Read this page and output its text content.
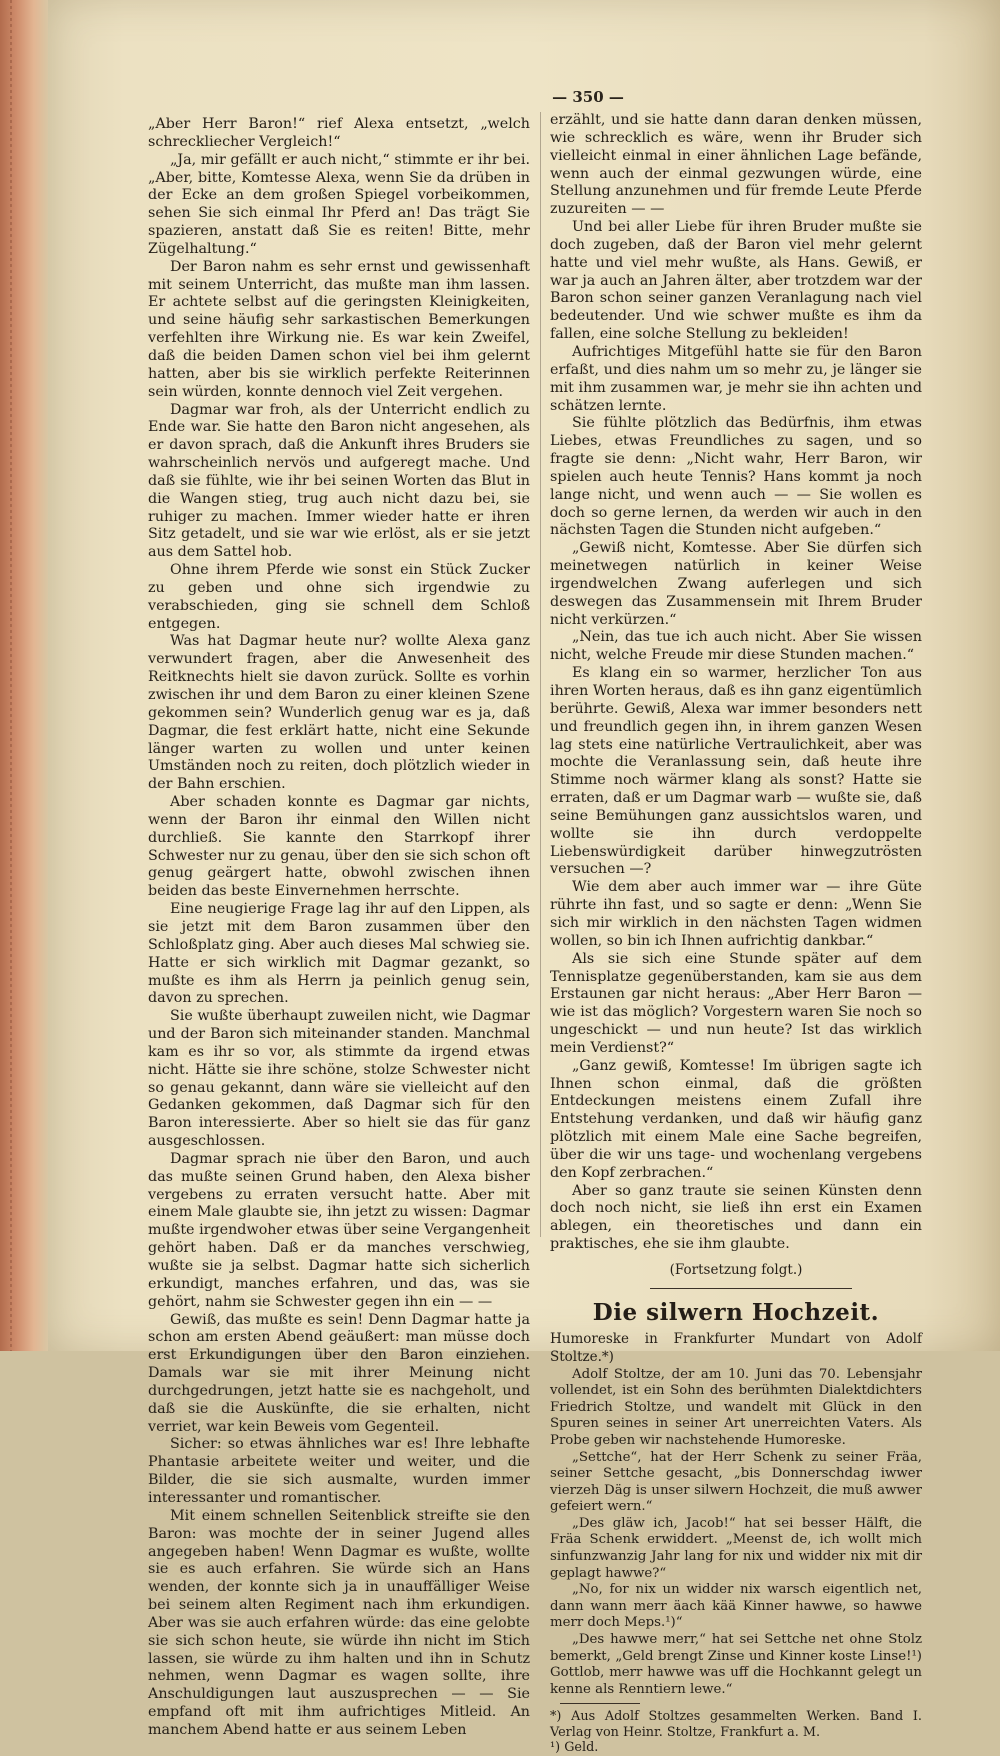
— 350 —

„Aber Herr Baron!“ rief Alexa entsetzt, „welch schreckliecher Vergleich!“

„Ja, mir gefällt er auch nicht,“ stimmte er ihr bei. „Aber, bitte, Komtesse Alexa, wenn Sie da drüben in der Ecke an dem großen Spiegel vorbeikommen, sehen Sie sich einmal Ihr Pferd an! Das trägt Sie spazieren, anstatt daß Sie es reiten! Bitte, mehr Zügelhaltung.“

Der Baron nahm es sehr ernst und gewissenhaft mit seinem Unterricht, das mußte man ihm lassen. Er achtete selbst auf die geringsten Kleinigkeiten, und seine häufig sehr sarkastischen Bemerkungen verfehlten ihre Wirkung nie. Es war kein Zweifel, daß die beiden Damen schon viel bei ihm gelernt hatten, aber bis sie wirklich perfekte Reiterinnen sein würden, konnte dennoch viel Zeit vergehen.

Dagmar war froh, als der Unterricht endlich zu Ende war. Sie hatte den Baron nicht angesehen, als er davon sprach, daß die Ankunft ihres Bruders sie wahrscheinlich nervös und aufgeregt mache. Und daß sie fühlte, wie ihr bei seinen Worten das Blut in die Wangen stieg, trug auch nicht dazu bei, sie ruhiger zu machen. Immer wieder hatte er ihren Sitz getadelt, und sie war wie erlöst, als er sie jetzt aus dem Sattel hob.

Ohne ihrem Pferde wie sonst ein Stück Zucker zu geben und ohne sich irgendwie zu verabschieden, ging sie schnell dem Schloß entgegen.

Was hat Dagmar heute nur? wollte Alexa ganz verwundert fragen, aber die Anwesenheit des Reitknechts hielt sie davon zurück. Sollte es vorhin zwischen ihr und dem Baron zu einer kleinen Szene gekommen sein? Wunderlich genug war es ja, daß Dagmar, die fest erklärt hatte, nicht eine Sekunde länger warten zu wollen und unter keinen Umständen noch zu reiten, doch plötzlich wieder in der Bahn erschien.

Aber schaden konnte es Dagmar gar nichts, wenn der Baron ihr einmal den Willen nicht durchließ. Sie kannte den Starrkopf ihrer Schwester nur zu genau, über den sie sich schon oft genug geärgert hatte, obwohl zwischen ihnen beiden das beste Einvernehmen herrschte.

Eine neugierige Frage lag ihr auf den Lippen, als sie jetzt mit dem Baron zusammen über den Schloßplatz ging. Aber auch dieses Mal schwieg sie. Hatte er sich wirklich mit Dagmar gezankt, so mußte es ihm als Herrn ja peinlich genug sein, davon zu sprechen.

Sie wußte überhaupt zuweilen nicht, wie Dagmar und der Baron sich miteinander standen. Manchmal kam es ihr so vor, als stimmte da irgend etwas nicht. Hätte sie ihre schöne, stolze Schwester nicht so genau gekannt, dann wäre sie vielleicht auf den Gedanken gekommen, daß Dagmar sich für den Baron interessierte. Aber so hielt sie das für ganz ausgeschlossen.

Dagmar sprach nie über den Baron, und auch das mußte seinen Grund haben, den Alexa bisher vergebens zu erraten versucht hatte. Aber mit einem Male glaubte sie, ihn jetzt zu wissen: Dagmar mußte irgendwoher etwas über seine Vergangenheit gehört haben. Daß er da manches verschwieg, wußte sie ja selbst. Dagmar hatte sich sicherlich erkundigt, manches erfahren, und das, was sie gehört, nahm sie Schwester gegen ihn ein — —

Gewiß, das mußte es sein! Denn Dagmar hatte ja schon am ersten Abend geäußert: man müsse doch erst Erkundigungen über den Baron einziehen. Damals war sie mit ihrer Meinung nicht durchgedrungen, jetzt hatte sie es nachgeholt, und daß sie die Auskünfte, die sie erhalten, nicht verriet, war kein Beweis vom Gegenteil.

Sicher: so etwas ähnliches war es! Ihre lebhafte Phantasie arbeitete weiter und weiter, und die Bilder, die sie sich ausmalte, wurden immer interessanter und romantischer.

Mit einem schnellen Seitenblick streifte sie den Baron: was mochte der in seiner Jugend alles angegeben haben! Wenn Dagmar es wußte, wollte sie es auch erfahren. Sie würde sich an Hans wenden, der konnte sich ja in unauffälliger Weise bei seinem alten Regiment nach ihm erkundigen. Aber was sie auch erfahren würde: das eine gelobte sie sich schon heute, sie würde ihn nicht im Stich lassen, sie würde zu ihm halten und ihn in Schutz nehmen, wenn Dagmar es wagen sollte, ihre Anschuldigungen laut auszusprechen — — Sie empfand oft mit ihm aufrichtiges Mitleid. An manchem Abend hatte er aus seinem Leben

erzählt, und sie hatte dann daran denken müssen, wie schrecklich es wäre, wenn ihr Bruder sich vielleicht einmal in einer ähnlichen Lage befände, wenn auch der einmal gezwungen würde, eine Stellung anzunehmen und für fremde Leute Pferde zuzureiten — —

Und bei aller Liebe für ihren Bruder mußte sie doch zugeben, daß der Baron viel mehr gelernt hatte und viel mehr wußte, als Hans. Gewiß, er war ja auch an Jahren älter, aber trotzdem war der Baron schon seiner ganzen Veranlagung nach viel bedeutender. Und wie schwer mußte es ihm da fallen, eine solche Stellung zu bekleiden!

Aufrichtiges Mitgefühl hatte sie für den Baron erfaßt, und dies nahm um so mehr zu, je länger sie mit ihm zusammen war, je mehr sie ihn achten und schätzen lernte.

Sie fühlte plötzlich das Bedürfnis, ihm etwas Liebes, etwas Freundliches zu sagen, und so fragte sie denn: „Nicht wahr, Herr Baron, wir spielen auch heute Tennis? Hans kommt ja noch lange nicht, und wenn auch — — Sie wollen es doch so gerne lernen, da werden wir auch in den nächsten Tagen die Stunden nicht aufgeben.“

„Gewiß nicht, Komtesse. Aber Sie dürfen sich meinetwegen natürlich in keiner Weise irgendwelchen Zwang auferlegen und sich deswegen das Zusammensein mit Ihrem Bruder nicht verkürzen.“

„Nein, das tue ich auch nicht. Aber Sie wissen nicht, welche Freude mir diese Stunden machen.“

Es klang ein so warmer, herzlicher Ton aus ihren Worten heraus, daß es ihn ganz eigentümlich berührte. Gewiß, Alexa war immer besonders nett und freundlich gegen ihn, in ihrem ganzen Wesen lag stets eine natürliche Vertraulichkeit, aber was mochte die Veranlassung sein, daß heute ihre Stimme noch wärmer klang als sonst? Hatte sie erraten, daß er um Dagmar warb — wußte sie, daß seine Bemühungen ganz aussichtslos waren, und wollte sie ihn durch verdoppelte Liebenswürdigkeit darüber hinwegzutrösten versuchen —?

Wie dem aber auch immer war — ihre Güte rührte ihn fast, und so sagte er denn: „Wenn Sie sich mir wirklich in den nächsten Tagen widmen wollen, so bin ich Ihnen aufrichtig dankbar.“

Als sie sich eine Stunde später auf dem Tennisplatze gegenüberstanden, kam sie aus dem Erstaunen gar nicht heraus: „Aber Herr Baron — wie ist das möglich? Vorgestern waren Sie noch so ungeschickt — und nun heute? Ist das wirklich mein Verdienst?“

„Ganz gewiß, Komtesse! Im übrigen sagte ich Ihnen schon einmal, daß die größten Entdeckungen meistens einem Zufall ihre Entstehung verdanken, und daß wir häufig ganz plötzlich mit einem Male eine Sache begreifen, über die wir uns tage- und wochenlang vergebens den Kopf zerbrachen.“

Aber so ganz traute sie seinen Künsten denn doch noch nicht, sie ließ ihn erst ein Examen ablegen, ein theoretisches und dann ein praktisches, ehe sie ihm glaubte.

(Fortsetzung folgt.)
Die silwern Hochzeit.

Humoreske in Frankfurter Mundart von Adolf Stoltze.*)

Adolf Stoltze, der am 10. Juni das 70. Lebensjahr vollendet, ist ein Sohn des berühmten Dialektdichters Friedrich Stoltze, und wandelt mit Glück in den Spuren seines in seiner Art unerreichten Vaters. Als Probe geben wir nachstehende Humoreske.

„Settche“, hat der Herr Schenk zu seiner Fräa, seiner Settche gesacht, „bis Donnerschdag iwwer vierzeh Däg is unser silwern Hochzeit, die muß awwer gefeiert wern.“

„Des gläw ich, Jacob!“ hat sei besser Hälft, die Fräa Schenk erwiddert. „Meenst de, ich wollt mich sinfunzwanzig Jahr lang for nix und widder nix mit dir geplagt hawwe?“

„No, for nix un widder nix warsch eigentlich net, dann wann merr äach kää Kinner hawwe, so hawwe merr doch Meps.¹)“

„Des hawwe merr,“ hat sei Settche net ohne Stolz bemerkt, „Geld brengt Zinse und Kinner koste Linse!¹) Gottlob, merr hawwe was uff die Hochkannt gelegt un kenne als Renntiern lewe.“

*) Aus Adolf Stoltzes gesammelten Werken. Band I. Verlag von Heinr. Stoltze, Frankfurt a. M.

¹) Geld.
